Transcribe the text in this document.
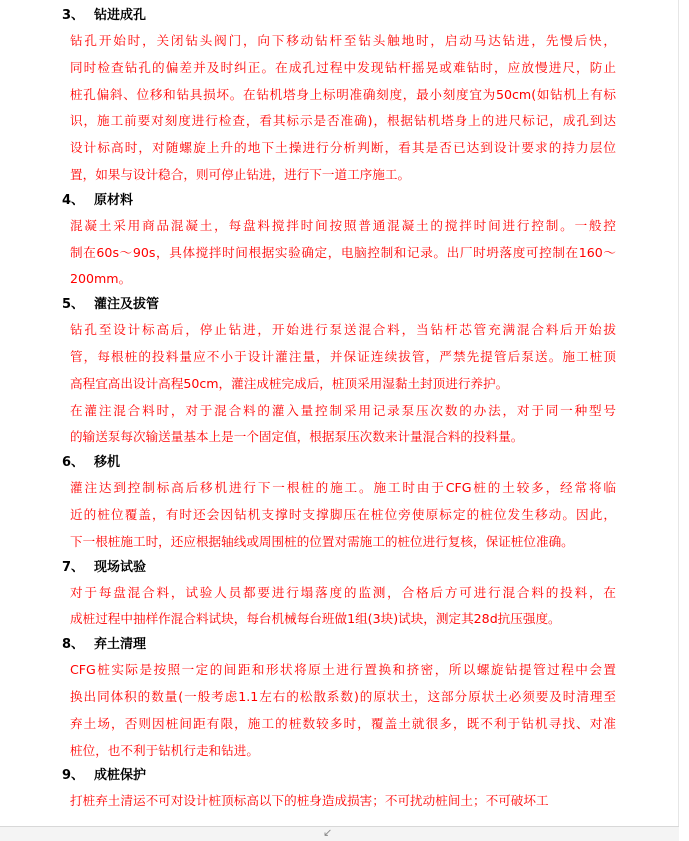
3、 钻进成孔
钻孔开始时，关闭钻头阀门，向下移动钻杆至钻头触地时，启动马达钻进，先慢后快，
同时检查钻孔的偏差并及时纠正。在成孔过程中发现钻杆摇晃或难钻时，应放慢进尺，防止
桩孔偏斜、位移和钻具损坏。在钻机塔身上标明准确刻度，最小刻度宜为50cm(如钻机上有标
识，施工前要对刻度进行检查，看其标示是否准确)，根据钻机塔身上的进尺标记，成孔到达
设计标高时，对随螺旋上升的地下土操进行分析判断，看其是否已达到设计要求的持力层位
置，如果与设计稳合，则可停止钻进，进行下一道工序施工。
4、 原材料
混凝土采用商品混凝土，每盘料搅拌时间按照普通混凝土的搅拌时间进行控制。一般控
制在60s～90s，具体搅拌时间根据实验确定，电脑控制和记录。出厂时坍落度可控制在160～
200mm。
5、 灌注及拔管
钻孔至设计标高后，停止钻进，开始进行泵送混合料，当钻杆芯管充满混合料后开始拔
管，每根桩的投料量应不小于设计灌注量，并保证连续拔管，严禁先提管后泵送。施工桩顶
高程宜高出设计高程50cm，灌注成桩完成后，桩顶采用湿黏土封顶进行养护。
在灌注混合料时，对于混合料的灌入量控制采用记录泵压次数的办法，对于同一种型号
的输送泵每次输送量基本上是一个固定值，根据泵压次数来计量混合料的投料量。
6、 移机
灌注达到控制标高后移机进行下一根桩的施工。施工时由于CFG桩的土较多，经常将临
近的桩位覆盖，有时还会因钻机支撑时支撑脚压在桩位旁使原标定的桩位发生移动。因此，
下一根桩施工时，还应根据轴线或周围桩的位置对需施工的桩位进行复核，保证桩位准确。
7、 现场试验
对于每盘混合料，试验人员都要进行塌落度的监测，合格后方可进行混合料的投料，在
成桩过程中抽样作混合料试块，每台机械每台班做1组(3块)试块，测定其28d抗压强度。
8、 弃土清理
CFG桩实际是按照一定的间距和形状将原土进行置换和挤密，所以螺旋钻提管过程中会置
换出同体积的数量(一般考虑1.1左右的松散系数)的原状土，这部分原状土必须要及时清理至
弃土场，否则因桩间距有限，施工的桩数较多时，覆盖土就很多，既不利于钻机寻找、对准
桩位，也不利于钻机行走和钻进。
9、 成桩保护
打桩弃土清运不可对设计桩顶标高以下的桩身造成损害；不可扰动桩间土；不可破坏工
↙
